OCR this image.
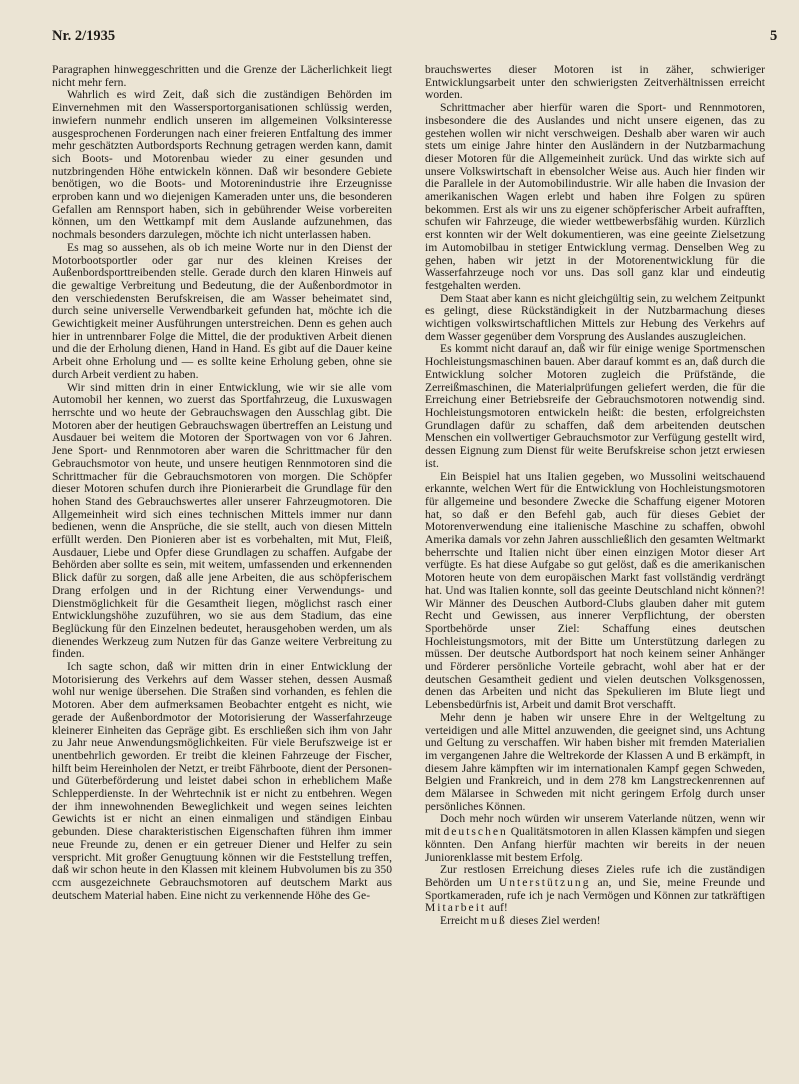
Nr. 2/1935	5

Paragraphen hinweggeschritten und die Grenze der Lächerlichkeit liegt nicht mehr fern.

Wahrlich es wird Zeit, daß sich die zuständigen Behörden im Einvernehmen mit den Wassersportorganisationen schlüssig werden, inwiefern nunmehr endlich unseren im allgemeinen Volksinteresse ausgesprochenen Forderungen nach einer freieren Entfaltung des immer mehr geschätzten Autbordsports Rechnung getragen werden kann, damit sich Boots- und Motorenbau wieder zu einer gesunden und nutzbringenden Höhe entwickeln können. Daß wir besondere Gebiete benötigen, wo die Boots- und Motorenindustrie ihre Erzeugnisse erproben kann und wo diejenigen Kameraden unter uns, die besonderen Gefallen am Rennsport haben, sich in gebührender Weise vorbereiten können, um den Wettkampf mit dem Auslande aufzunehmen, das nochmals besonders darzulegen, möchte ich nicht unterlassen haben.

Es mag so aussehen, als ob ich meine Worte nur in den Dienst der Motorbootsportler oder gar nur des kleinen Kreises der Außenbordsporttreibenden stelle. Gerade durch den klaren Hinweis auf die gewaltige Verbreitung und Bedeutung, die der Außenbordmotor in den verschiedensten Berufskreisen, die am Wasser beheimatet sind, durch seine universelle Verwendbarkeit gefunden hat, möchte ich die Gewichtigkeit meiner Ausführungen unterstreichen. Denn es gehen auch hier in untrennbarer Folge die Mittel, die der produktiven Arbeit dienen und die der Erholung dienen, Hand in Hand. Es gibt auf die Dauer keine Arbeit ohne Erholung und — es sollte keine Erholung geben, ohne sie durch Arbeit verdient zu haben.

Wir sind mitten drin in einer Entwicklung, wie wir sie alle vom Automobil her kennen, wo zuerst das Sportfahrzeug, die Luxuswagen herrschte und wo heute der Gebrauchswagen den Ausschlag gibt. Die Motoren aber der heutigen Gebrauchswagen übertreffen an Leistung und Ausdauer bei weitem die Motoren der Sportwagen von vor 6 Jahren. Jene Sport- und Rennmotoren aber waren die Schrittmacher für den Gebrauchsmotor von heute, und unsere heutigen Rennmotoren sind die Schrittmacher für die Gebrauchsmotoren von morgen. Die Schöpfer dieser Motoren schufen durch ihre Pionierarbeit die Grundlage für den hohen Stand des Gebrauchswertes aller unserer Fahrzeugmotoren. Die Allgemeinheit wird sich eines technischen Mittels immer nur dann bedienen, wenn die Ansprüche, die sie stellt, auch von diesen Mitteln erfüllt werden. Den Pionieren aber ist es vorbehalten, mit Mut, Fleiß, Ausdauer, Liebe und Opfer diese Grundlagen zu schaffen. Aufgabe der Behörden aber sollte es sein, mit weitem, umfassenden und erkennenden Blick dafür zu sorgen, daß alle jene Arbeiten, die aus schöpferischem Drang erfolgen und in der Richtung einer Verwendungs- und Dienstmöglichkeit für die Gesamtheit liegen, möglichst rasch einer Entwicklungshöhe zuzuführen, wo sie aus dem Stadium, das eine Beglückung für den Einzelnen bedeutet, herausgehoben werden, um als dienendes Werkzeug zum Nutzen für das Ganze weitere Verbreitung zu finden.

Ich sagte schon, daß wir mitten drin in einer Entwicklung der Motorisierung des Verkehrs auf dem Wasser stehen, dessen Ausmaß wohl nur wenige übersehen. Die Straßen sind vorhanden, es fehlen die Motoren. Aber dem aufmerksamen Beobachter entgeht es nicht, wie gerade der Außenbordmotor der Motorisierung der Wasserfahrzeuge kleinerer Einheiten das Gepräge gibt. Es erschließen sich ihm von Jahr zu Jahr neue Anwendungsmöglichkeiten. Für viele Berufszweige ist er unentbehrlich geworden. Er treibt die kleinen Fahrzeuge der Fischer, hilft beim Hereinholen der Netzt, er treibt Fährboote, dient der Personen- und Güterbeförderung und leistet dabei schon in erheblichem Maße Schlepperdienste. In der Wehrtechnik ist er nicht zu entbehren. Wegen der ihm innewohnenden Beweglichkeit und wegen seines leichten Gewichts ist er nicht an einen einmaligen und ständigen Einbau gebunden. Diese charakteristischen Eigenschaften führen ihm immer neue Freunde zu, denen er ein getreuer Diener und Helfer zu sein verspricht. Mit großer Genugtuung können wir die Feststellung treffen, daß wir schon heute in den Klassen mit kleinem Hubvolumen bis zu 350 ccm ausgezeichnete Gebrauchsmotoren auf deutschem Markt aus deutschem Material haben. Eine nicht zu verkennende Höhe des Ge-

brauchswertes dieser Motoren ist in zäher, schwieriger Entwicklungsarbeit unter den schwierigsten Zeitverhältnissen erreicht worden.

Schrittmacher aber hierfür waren die Sport- und Rennmotoren, insbesondere die des Auslandes und nicht unsere eigenen, das zu gestehen wollen wir nicht verschweigen. Deshalb aber waren wir auch stets um einige Jahre hinter den Ausländern in der Nutzbarmachung dieser Motoren für die Allgemeinheit zurück. Und das wirkte sich auf unsere Volkswirtschaft in ebensolcher Weise aus. Auch hier finden wir die Parallele in der Automobilindustrie. Wir alle haben die Invasion der amerikanischen Wagen erlebt und haben ihre Folgen zu spüren bekommen. Erst als wir uns zu eigener schöpferischer Arbeit aufrafften, schufen wir Fahrzeuge, die wieder wettbewerbsfähig wurden. Kürzlich erst konnten wir der Welt dokumentieren, was eine geeinte Zielsetzung im Automobilbau in stetiger Entwicklung vermag. Denselben Weg zu gehen, haben wir jetzt in der Motorenentwicklung für die Wasserfahrzeuge noch vor uns. Das soll ganz klar und eindeutig festgehalten werden.

Dem Staat aber kann es nicht gleichgültig sein, zu welchem Zeitpunkt es gelingt, diese Rückständigkeit in der Nutzbarmachung dieses wichtigen volkswirtschaftlichen Mittels zur Hebung des Verkehrs auf dem Wasser gegenüber dem Vorsprung des Auslandes auszugleichen.

Es kommt nicht darauf an, daß wir für einige wenige Sportmenschen Hochleistungsmaschinen bauen. Aber darauf kommt es an, daß durch die Entwicklung solcher Motoren zugleich die Prüfstände, die Zerreißmaschinen, die Materialprüfungen geliefert werden, die für die Erreichung einer Betriebsreife der Gebrauchsmotoren notwendig sind. Hochleistungsmotoren entwickeln heißt: die besten, erfolgreichsten Grundlagen dafür zu schaffen, daß dem arbeitenden deutschen Menschen ein vollwertiger Gebrauchsmotor zur Verfügung gestellt wird, dessen Eignung zum Dienst für weite Berufskreise schon jetzt erwiesen ist.

Ein Beispiel hat uns Italien gegeben, wo Mussolini weitschauend erkannte, welchen Wert für die Entwicklung von Hochleistungsmotoren für allgemeine und besondere Zwecke die Schaffung eigener Motoren hat, so daß er den Befehl gab, auch für dieses Gebiet der Motorenverwendung eine italienische Maschine zu schaffen, obwohl Amerika damals vor zehn Jahren ausschließlich den gesamten Weltmarkt beherrschte und Italien nicht über einen einzigen Motor dieser Art verfügte. Es hat diese Aufgabe so gut gelöst, daß es die amerikanischen Motoren heute von dem europäischen Markt fast vollständig verdrängt hat. Und was Italien konnte, soll das geeinte Deutschland nicht können?! Wir Männer des Deuschen Autbord-Clubs glauben daher mit gutem Recht und Gewissen, aus innerer Verpflichtung, der obersten Sportbehörde unser Ziel: Schaffung eines deutschen Hochleistungsmotors, mit der Bitte um Unterstützung darlegen zu müssen. Der deutsche Autbordsport hat noch keinem seiner Anhänger und Förderer persönliche Vorteile gebracht, wohl aber hat er der deutschen Gesamtheit gedient und vielen deutschen Volksgenossen, denen das Arbeiten und nicht das Spekulieren im Blute liegt und Lebensbedürfnis ist, Arbeit und damit Brot verschafft.

Mehr denn je haben wir unsere Ehre in der Weltgeltung zu verteidigen und alle Mittel anzuwenden, die geeignet sind, uns Achtung und Geltung zu verschaffen. Wir haben bisher mit fremden Materialien im vergangenen Jahre die Weltrekorde der Klassen A und B erkämpft, in diesem Jahre kämpften wir im internationalen Kampf gegen Schweden, Belgien und Frankreich, und in dem 278 km Langstreckenrennen auf dem Mälarsee in Schweden mit nicht geringem Erfolg durch unser persönliches Können.

Doch mehr noch würden wir unserem Vaterlande nützen, wenn wir mit deutschen Qualitätsmotoren in allen Klassen kämpfen und siegen könnten. Den Anfang hierfür machten wir bereits in der neuen Juniorenklasse mit bestem Erfolg.

Zur restlosen Erreichung dieses Zieles rufe ich die zuständigen Behörden um Unterstützung an, und Sie, meine Freunde und Sportkameraden, rufe ich je nach Vermögen und Können zur tatkräftigen Mitarbeit auf!

Erreicht muß dieses Ziel werden!
